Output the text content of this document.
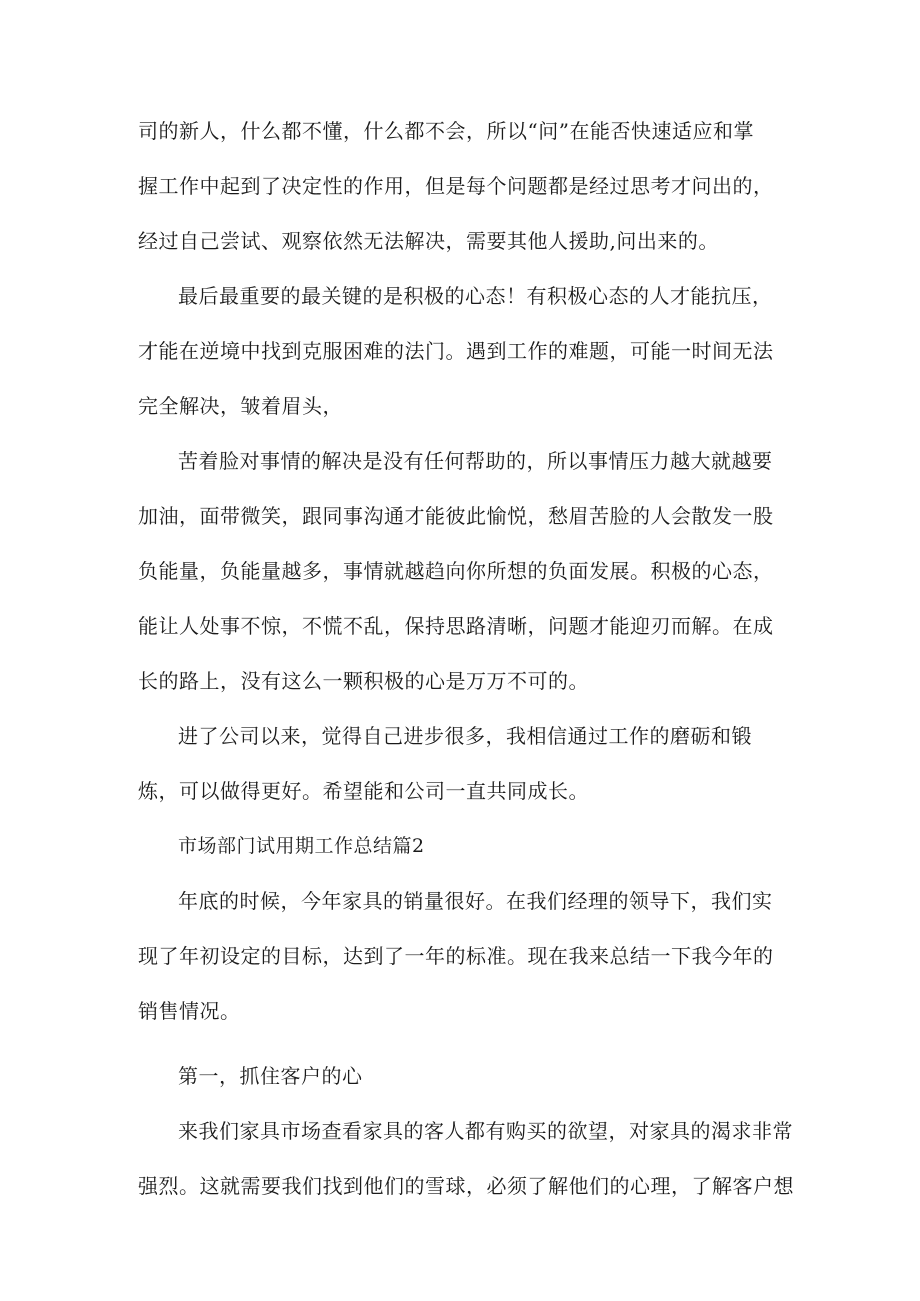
司的新人，什么都不懂，什么都不会，所以“问”在能否快速适应和掌
握工作中起到了决定性的作用，但是每个问题都是经过思考才问出的，
经过自己尝试、观察依然无法解决，需要其他人援助,问出来的。
最后最重要的最关键的是积极的心态！有积极心态的人才能抗压，
才能在逆境中找到克服困难的法门。遇到工作的难题，可能一时间无法
完全解决，皱着眉头，
苦着脸对事情的解决是没有任何帮助的，所以事情压力越大就越要
加油，面带微笑，跟同事沟通才能彼此愉悦，愁眉苦脸的人会散发一股
负能量，负能量越多，事情就越趋向你所想的负面发展。积极的心态，
能让人处事不惊，不慌不乱，保持思路清晰，问题才能迎刃而解。在成
长的路上，没有这么一颗积极的心是万万不可的。
进了公司以来，觉得自己进步很多，我相信通过工作的磨砺和锻
炼，可以做得更好。希望能和公司一直共同成长。
市场部门试用期工作总结篇2
年底的时候，今年家具的销量很好。在我们经理的领导下，我们实
现了年初设定的目标，达到了一年的标准。现在我来总结一下我今年的
销售情况。
第一，抓住客户的心
来我们家具市场查看家具的客人都有购买的欲望，对家具的渴求非常
强烈。这就需要我们找到他们的雪球，必须了解他们的心理，了解客户想
